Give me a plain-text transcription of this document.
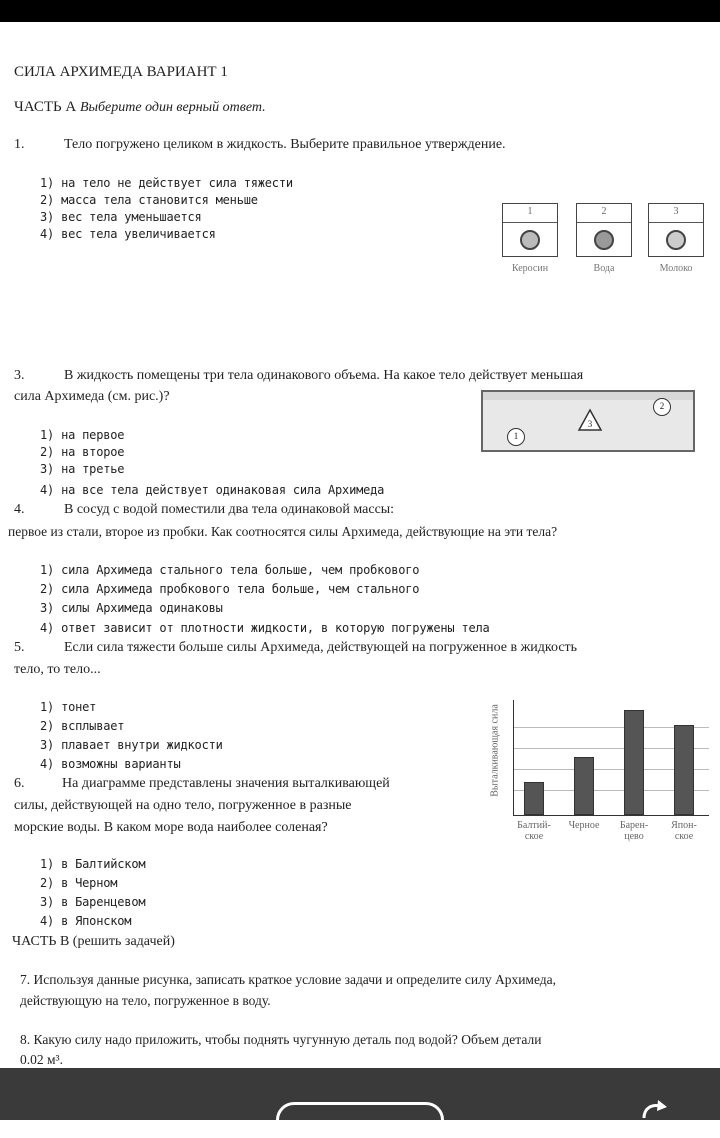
СИЛА АРХИМЕДА ВАРИАНТ 1
ЧАСТЬ А Выберите один верный ответ.
1.	Тело погружено целиком в жидкость. Выберите правильное утверждение.
1) на тело не действует сила тяжести
2) масса тела становится меньше
3) вес тела уменьшается
4) вес тела увеличивается
1	2	3
Керосин	Вода	Молоко
3.	В жидкость помещены три тела одинакового объема. На какое тело действует меньшая
сила Архимеда (см. рис.)?
1) на первое
2) на второе
3) на третье
4) на все тела действует одинаковая сила Архимеда
1
2
3
4.	В сосуд с водой поместили два тела одинаковой массы:
первое из стали, второе из пробки. Как соотносятся силы Архимеда, действующие на эти тела?
1) сила Архимеда стального тела больше, чем пробкового
2) сила Архимеда пробкового тела больше, чем стального
3) силы Архимеда одинаковы
4) ответ зависит от плотности жидкости, в которую погружены тела
5.	Если сила тяжести больше силы Архимеда, действующей на погруженное в жидкость
тело, то тело...
1) тонет
2) всплывает
3) плавает внутри жидкости
4) возможны варианты
6.	На диаграмме представлены значения выталкивающей
силы, действующей на одно тело, погруженное в разные
морские воды. В каком море вода наиболее соленая?
1) в Балтийском
2) в Черном
3) в Баренцевом
4) в Японском
Выталкивающая сила
Балтий-
ское
Черное	Барен-
цево
Япон-
ское
ЧАСТЬ В (решить задачей)
7. Используя данные рисунка, записать краткое условие задачи и определите силу Архимеда,
действующую на тело, погруженное в воду.
8. Какую силу надо приложить, чтобы поднять чугунную деталь под водой? Объем детали
0.02 м³.
